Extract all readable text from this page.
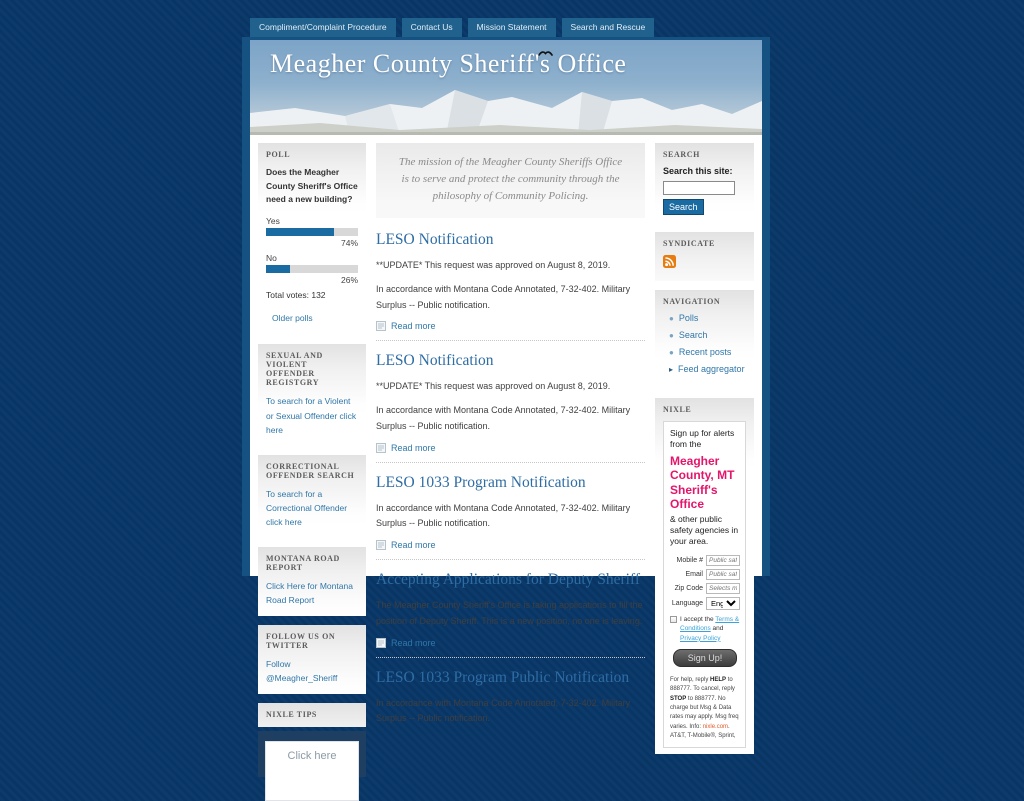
Compliment/Complaint Procedure	Contact Us	Mission Statement	Search and Rescue
Meagher County Sheriff's Office
POLL
Does the Meagher County Sheriff's Office need a new building?
Yes
74%
No
26%
Total votes: 132
Older polls
SEXUAL AND VIOLENT OFFENDER REGISTGRY
To search for a Violent or Sexual Offender click here
CORRECTIONAL OFFENDER SEARCH
To search for a Correctional Offender click here
MONTANA ROAD REPORT
Click Here for Montana Road Report
FOLLOW US ON TWITTER
Follow @Meagher_Sheriff
NIXLE TIPS
Click here
The mission of the Meagher County Sheriffs Office is to serve and protect the community through the philosophy of Community Policing.
LESO Notification

**UPDATE* This request was approved on August 8, 2019.

In accordance with Montana Code Annotated, 7-32-402. Military Surplus -- Public notification.

Read more
LESO Notification

**UPDATE* This request was approved on August 8, 2019.

In accordance with Montana Code Annotated, 7-32-402. Military Surplus -- Public notification.

Read more
LESO 1033 Program Notification

In accordance with Montana Code Annotated, 7-32-402. Military Surplus -- Public notification.

Read more
Accepting Applications for Deputy Sheriff

The Meagher County Sheriff's Office is taking applications to fill the position of Deputy Sheriff. This is a new position, no one is leaving.

Read more
LESO 1033 Program Public Notification

In accordance with Montana Code Annotated, 7-32-402. Military Surplus -- Public notification.

SEARCH
Search this site:
Search
SYNDICATE
NAVIGATION
● Polls
● Search
● Recent posts
▸ Feed aggregator
NIXLE
Sign up for alerts from the
Meagher County, MT Sheriff's Office
& other public safety agencies in your area.
Mobile #
Public safety Te
Email
Public safety em
Zip Code
Selects messag
Language
English
I accept the Terms & Conditions and Privacy Policy
Sign Up!
For help, reply HELP to 888777. To cancel, reply STOP to 888777. No charge but Msg & Data rates may apply. Msg freq varies. Info: nixle.com. AT&T, T-Mobile®, Sprint,
